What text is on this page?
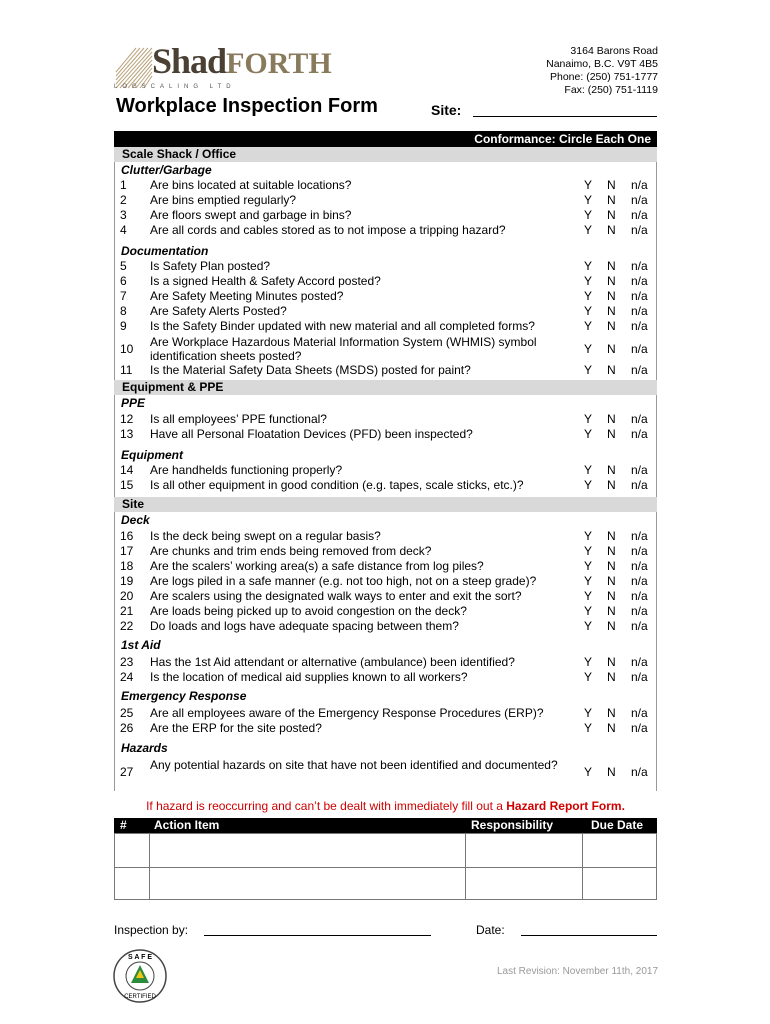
ShadFORTH
LOGSCALING LTD
3164 Barons Road
Nanaimo, B.C. V9T 4B5
Phone: (250) 751-1777
Fax: (250) 751-1119
Workplace Inspection Form	Site:
Conformance: Circle Each One
Scale Shack / Office
Clutter/Garbage
1	Are bins located at suitable locations?	Y N n/a
2	Are bins emptied regularly?	Y N n/a
3	Are floors swept and garbage in bins?	Y N n/a
4	Are all cords and cables stored as to not impose a tripping hazard?	Y N n/a
5	Is Safety Plan posted?	Y N n/a
6	Is a signed Health & Safety Accord posted?	Y N n/a
7	Are Safety Meeting Minutes posted?	Y N n/a
8	Are Safety Alerts Posted?	Y N n/a
9	Is the Safety Binder updated with new material and all completed forms?	Y N n/a
10	Are Workplace Hazardous Material Information System (WHMIS) symbol identification sheets posted?	Y N n/a
11	Is the Material Safety Data Sheets (MSDS) posted for paint?	Y N n/a
12	Is all employees’ PPE functional?	Y N n/a
13	Have all Personal Floatation Devices (PFD) been inspected?	Y N n/a
14	Are handhelds functioning properly?	Y N n/a
15	Is all other equipment in good condition (e.g. tapes, scale sticks, etc.)?	Y N n/a
16	Is the deck being swept on a regular basis?	Y N n/a
17	Are chunks and trim ends being removed from deck?	Y N n/a
18	Are the scalers’ working area(s) a safe distance from log piles?	Y N n/a
19	Are logs piled in a safe manner (e.g. not too high, not on a steep grade)?	Y N n/a
20	Are scalers using the designated walk ways to enter and exit the sort?	Y N n/a
21	Are loads being picked up to avoid congestion on the deck?	Y N n/a
22	Do loads and logs have adequate spacing between them?	Y N n/a
23	Has the 1st Aid attendant or alternative (ambulance) been identified?	Y N n/a
24	Is the location of medical aid supplies known to all workers?	Y N n/a
25	Are all employees aware of the Emergency Response Procedures (ERP)?	Y N n/a
26	Are the ERP for the site posted?	Y N n/a
27	Any potential hazards on site that have not been identified and documented?	Y N n/a
Documentation
Equipment & PPE
PPE
Equipment
Site
Deck
1st Aid
Emergency Response
Hazards
If hazard is reoccurring and can’t be dealt with immediately fill out a Hazard Report Form.
# Action Item	Responsibility	Due Date
Inspection by:	Date:
S A F E
CERTIFIED
Last Revision: November 11th, 2017
